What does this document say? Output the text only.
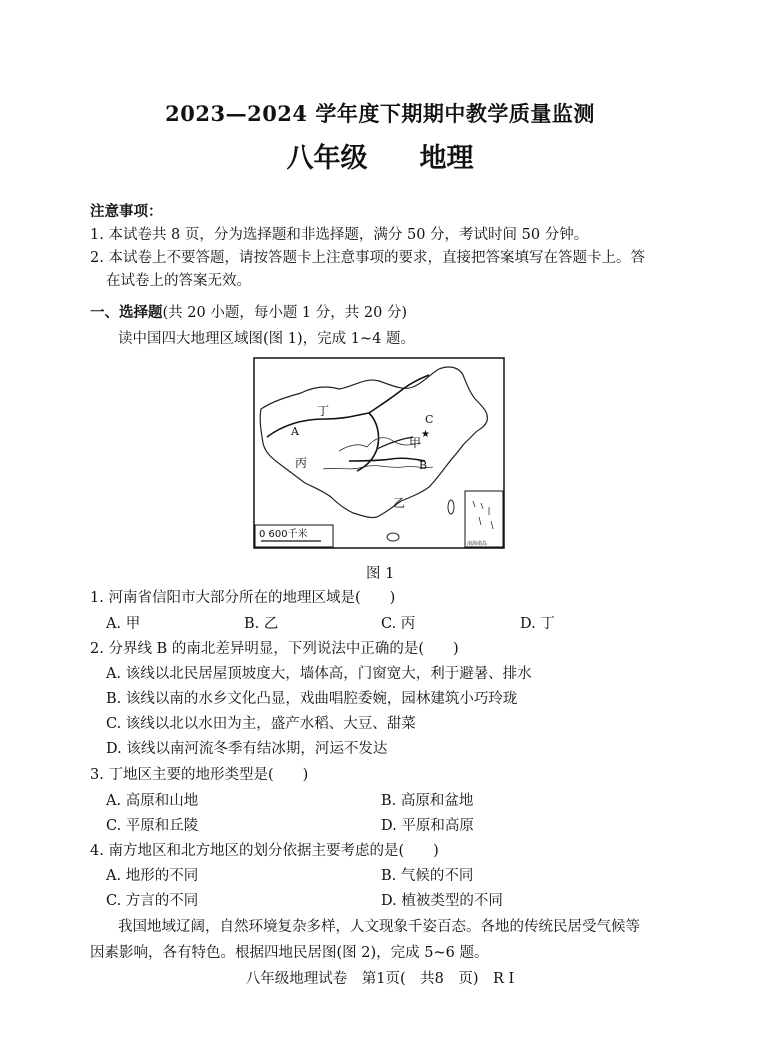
2023—2024 学年度下期期中教学质量监测
八年级 地理
注意事项：
1. 本试卷共 8 页，分为选择题和非选择题，满分 50 分，考试时间 50 分钟。
2. 本试卷上不要答题，请按答题卡上注意事项的要求，直接把答案填写在答题卡上。答
在试卷上的答案无效。
一、选择题(共 20 小题，每小题 1 分，共 20 分)
读中国四大地理区域图(图 1)，完成 1~4 题。
★
丁
A
C
甲
丙	B
乙
0 600千米
南海诸岛
图 1
1. 河南省信阳市大部分所在的地理区域是(　　)
A. 甲	B. 乙	C. 丙	D. 丁
2. 分界线 B 的南北差异明显，下列说法中正确的是(　　)
A. 该线以北民居屋顶坡度大，墙体高，门窗宽大，利于避暑、排水
B. 该线以南的水乡文化凸显，戏曲唱腔委婉，园林建筑小巧玲珑
C. 该线以北以水田为主，盛产水稻、大豆、甜菜
D. 该线以南河流冬季有结冰期，河运不发达
3. 丁地区主要的地形类型是(　　)
A. 高原和山地	B. 高原和盆地
C. 平原和丘陵	D. 平原和高原
4. 南方地区和北方地区的划分依据主要考虑的是(　　)
A. 地形的不同	B. 气候的不同
C. 方言的不同	D. 植被类型的不同
我国地域辽阔，自然环境复杂多样，人文现象千姿百态。各地的传统民居受气候等
因素影响，各有特色。根据四地民居图(图 2)，完成 5~6 题。
八年级地理试卷　第1页(　共8　页)　R I
